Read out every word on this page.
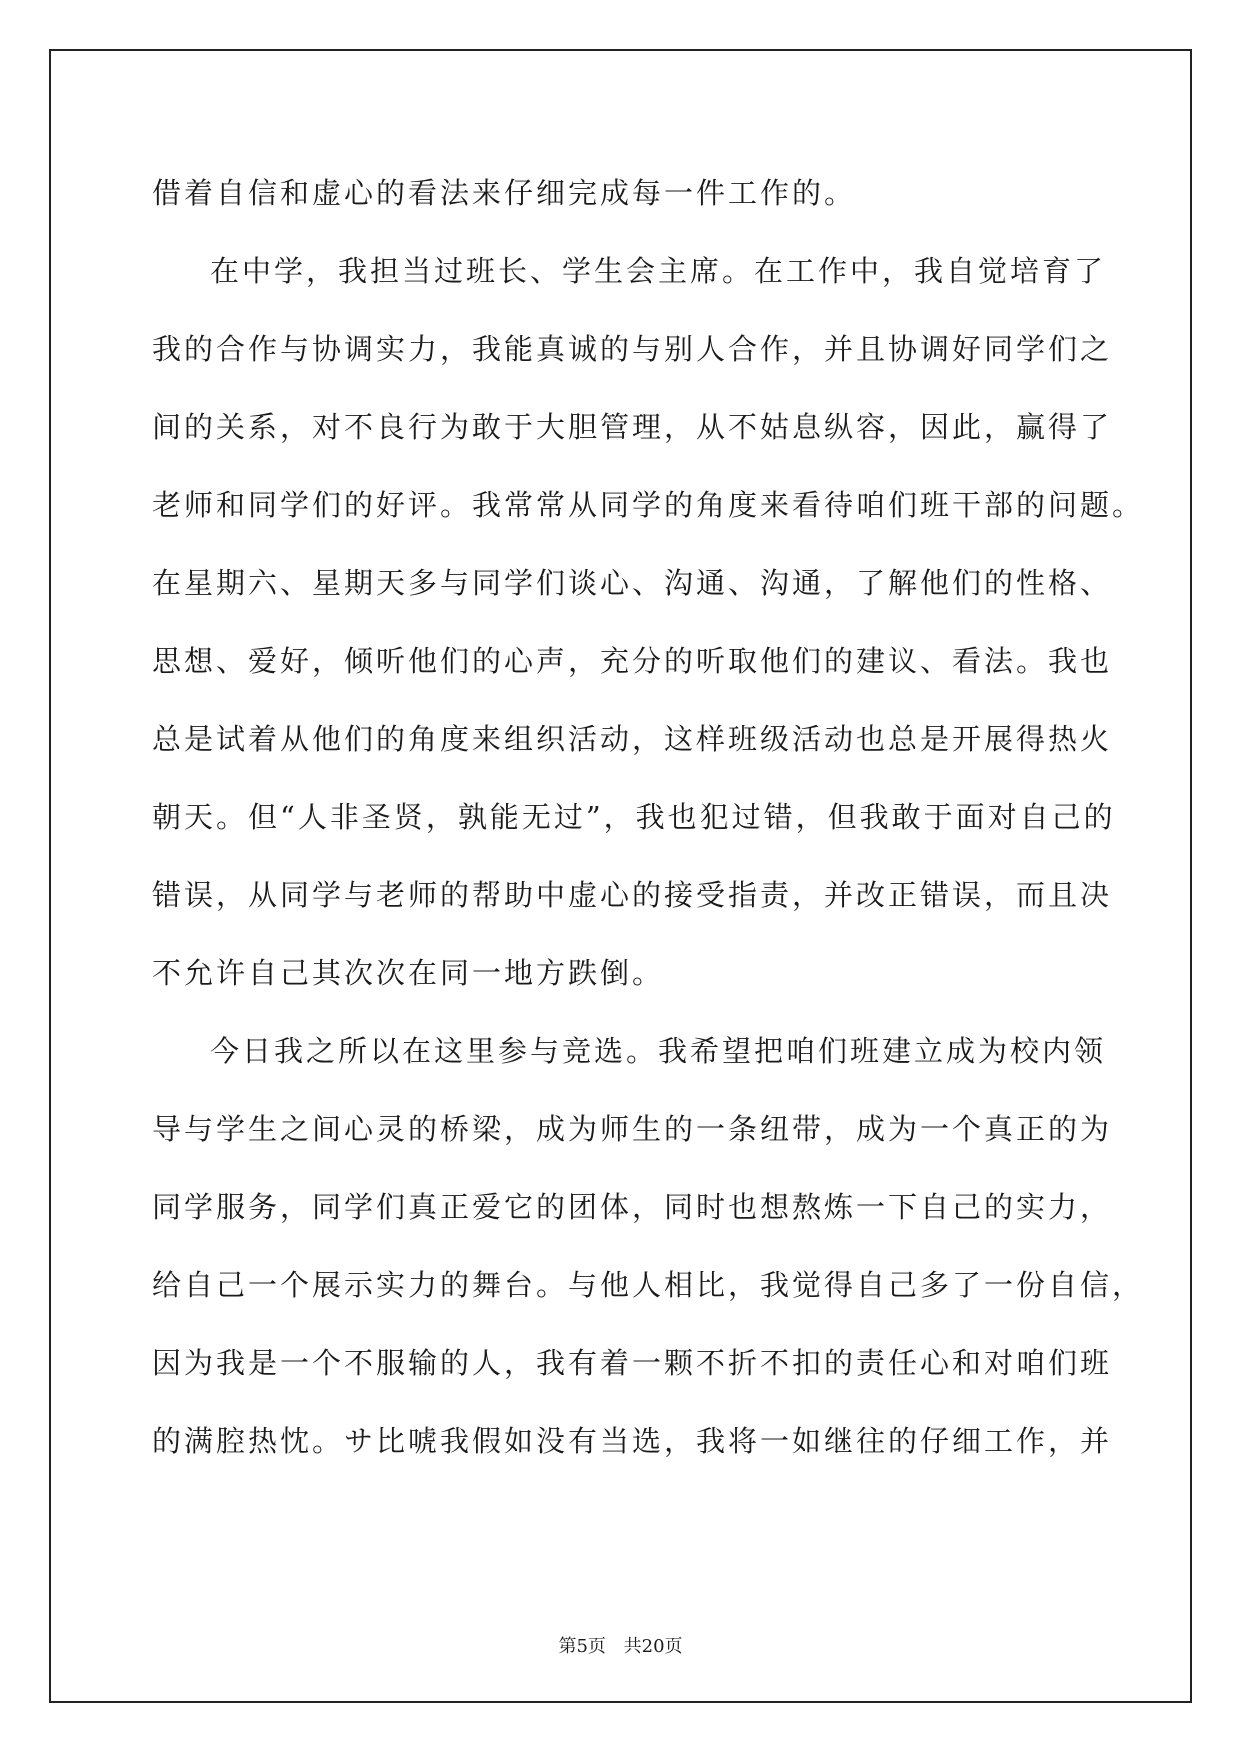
借着自信和虚心的看法来仔细完成每一件工作的。
在中学，我担当过班长、学生会主席。在工作中，我自觉培育了
我的合作与协调实力，我能真诚的与别人合作，并且协调好同学们之
间的关系，对不良行为敢于大胆管理，从不姑息纵容，因此，赢得了
老师和同学们的好评。我常常从同学的角度来看待咱们班干部的问题。
在星期六、星期天多与同学们谈心、沟通、沟通，了解他们的性格、
思想、爱好，倾听他们的心声，充分的听取他们的建议、看法。我也
总是试着从他们的角度来组织活动，这样班级活动也总是开展得热火
朝天。但“人非圣贤，孰能无过”，我也犯过错，但我敢于面对自己的
错误，从同学与老师的帮助中虚心的接受指责，并改正错误，而且决
不允许自己其次次在同一地方跌倒。
今日我之所以在这里参与竞选。我希望把咱们班建立成为校内领
导与学生之间心灵的桥梁，成为师生的一条纽带，成为一个真正的为
同学服务，同学们真正爱它的团体，同时也想熬炼一下自己的实力，
给自己一个展示实力的舞台。与他人相比，我觉得自己多了一份自信，
因为我是一个不服输的人，我有着一颗不折不扣的责任心和对咱们班
的满腔热忱。サ比唬我假如没有当选，我将一如继往的仔细工作，并
第5页 共20页
